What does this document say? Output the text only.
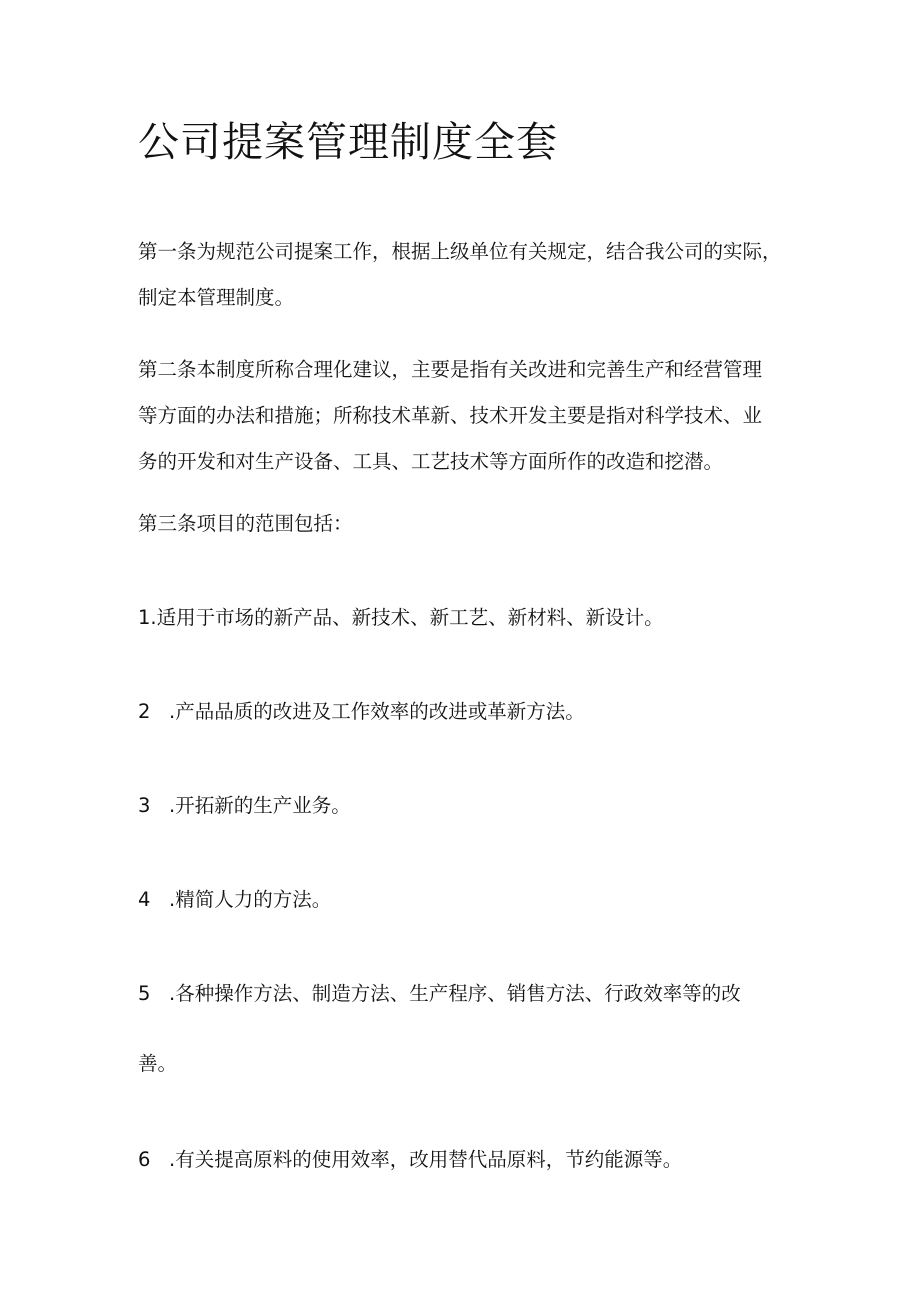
公司提案管理制度全套

第一条为规范公司提案工作，根据上级单位有关规定，结合我公司的实际，
制定本管理制度。

第二条本制度所称合理化建议，主要是指有关改进和完善生产和经营管理
等方面的办法和措施；所称技术革新、技术开发主要是指对科学技术、业
务的开发和对生产设备、工具、工艺技术等方面所作的改造和挖潜。

第三条项目的范围包括：

1.适用于市场的新产品、新技术、新工艺、新材料、新设计。

2 .产品品质的改进及工作效率的改进或革新方法。

3 .开拓新的生产业务。

4 .精简人力的方法。

5 .各种操作方法、制造方法、生产程序、销售方法、行政效率等的改
善。

6 .有关提高原料的使用效率，改用替代品原料，节约能源等。
